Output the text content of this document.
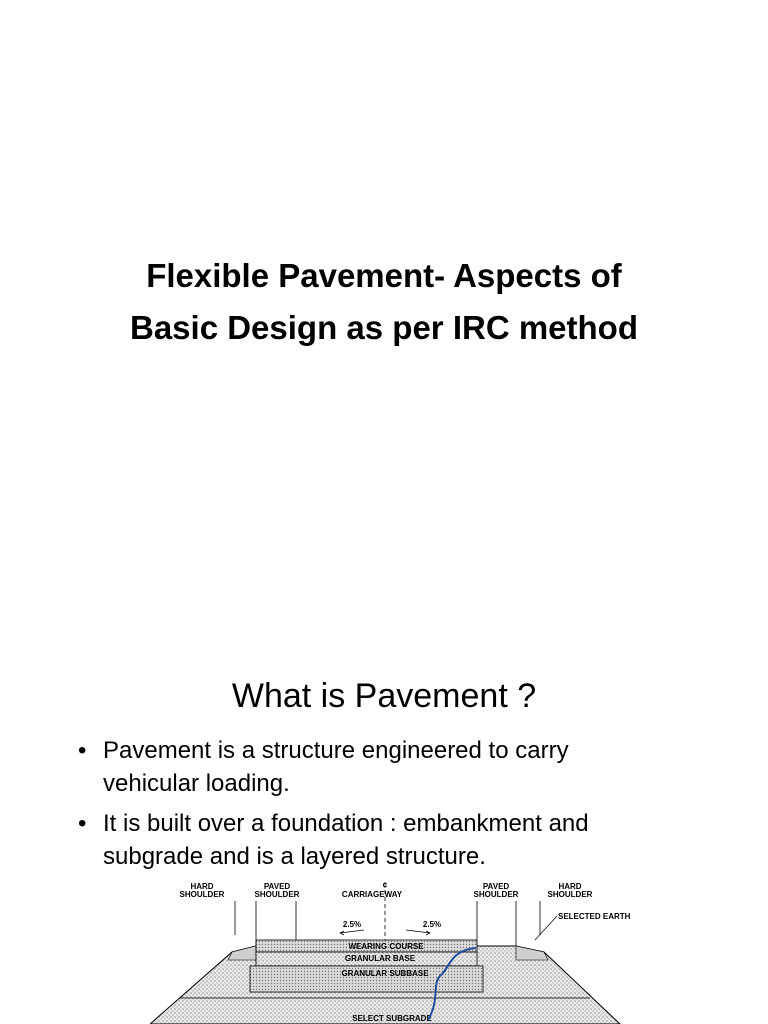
Flexible Pavement- Aspects of
Basic Design as per IRC method
What is Pavement ?
• Pavement is a structure engineered to carry
vehicular loading.
• It is built over a foundation : embankment and
subgrade and is a layered structure.
HARD
SHOULDER
PAVED
SHOULDER	CARRIAGEWAY
PAVED
SHOULDER
HARD
SHOULDER
¢
2.5%	2.5%
SELECTED EARTH
WEARING COURSE
GRANULAR BASE
GRANULAR SUBBASE
SELECT SUBGRADE
